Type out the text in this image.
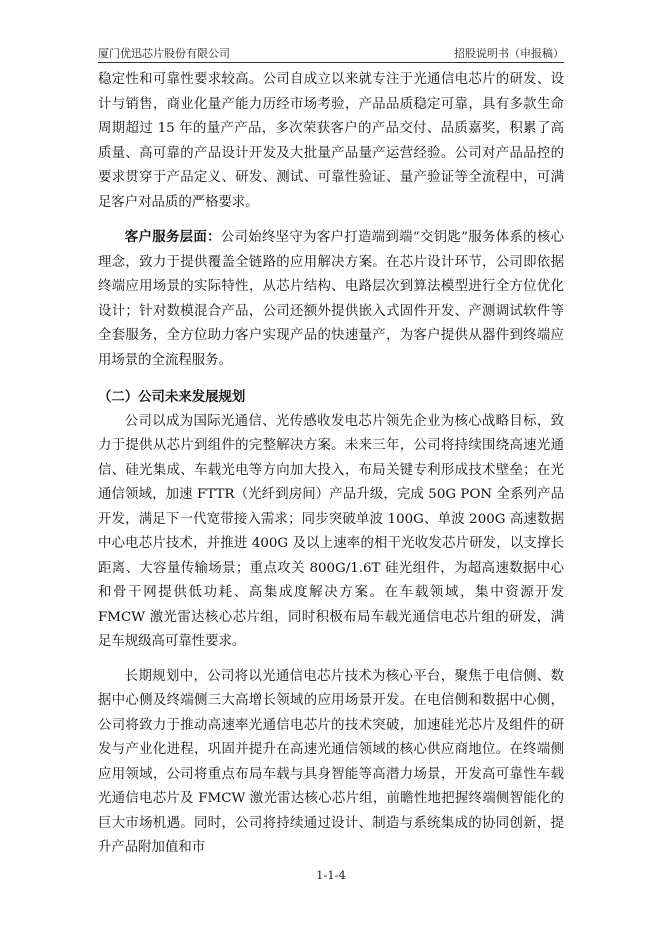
厦门优迅芯片股份有限公司	招股说明书（申报稿）

稳定性和可靠性要求较高。公司自成立以来就专注于光通信电芯片的研发、设计与销售，商业化量产能力历经市场考验，产品品质稳定可靠，具有多款生命周期超过 15 年的量产产品，多次荣获客户的产品交付、品质嘉奖，积累了高质量、高可靠的产品设计开发及大批量产品量产运营经验。公司对产品品控的要求贯穿于产品定义、研发、测试、可靠性验证、量产验证等全流程中，可满足客户对品质的严格要求。

客户服务层面：公司始终坚守为客户打造端到端“交钥匙”服务体系的核心理念，致力于提供覆盖全链路的应用解决方案。在芯片设计环节，公司即依据终端应用场景的实际特性，从芯片结构、电路层次到算法模型进行全方位优化设计；针对数模混合产品，公司还额外提供嵌入式固件开发、产测调试软件等全套服务，全方位助力客户实现产品的快速量产，为客户提供从器件到终端应用场景的全流程服务。

（二）公司未来发展规划

公司以成为国际光通信、光传感收发电芯片领先企业为核心战略目标，致力于提供从芯片到组件的完整解决方案。未来三年，公司将持续围绕高速光通信、硅光集成、车载光电等方向加大投入，布局关键专利形成技术壁垒；在光通信领域，加速 FTTR（光纤到房间）产品升级，完成 50G PON 全系列产品开发，满足下一代宽带接入需求；同步突破单波 100G、单波 200G 高速数据中心电芯片技术，并推进 400G 及以上速率的相干光收发芯片研发，以支撑长距离、大容量传输场景；重点攻关 800G/1.6T 硅光组件，为超高速数据中心和骨干网提供低功耗、高集成度解决方案。在车载领域，集中资源开发 FMCW 激光雷达核心芯片组，同时积极布局车载光通信电芯片组的研发，满足车规级高可靠性要求。

长期规划中，公司将以光通信电芯片技术为核心平台，聚焦于电信侧、数据中心侧及终端侧三大高增长领域的应用场景开发。在电信侧和数据中心侧，公司将致力于推动高速率光通信电芯片的技术突破，加速硅光芯片及组件的研发与产业化进程，巩固并提升在高速光通信领域的核心供应商地位。在终端侧应用领域，公司将重点布局车载与具身智能等高潜力场景，开发高可靠性车载光通信电芯片及 FMCW 激光雷达核心芯片组，前瞻性地把握终端侧智能化的巨大市场机遇。同时，公司将持续通过设计、制造与系统集成的协同创新，提升产品附加值和市

1-1-4
